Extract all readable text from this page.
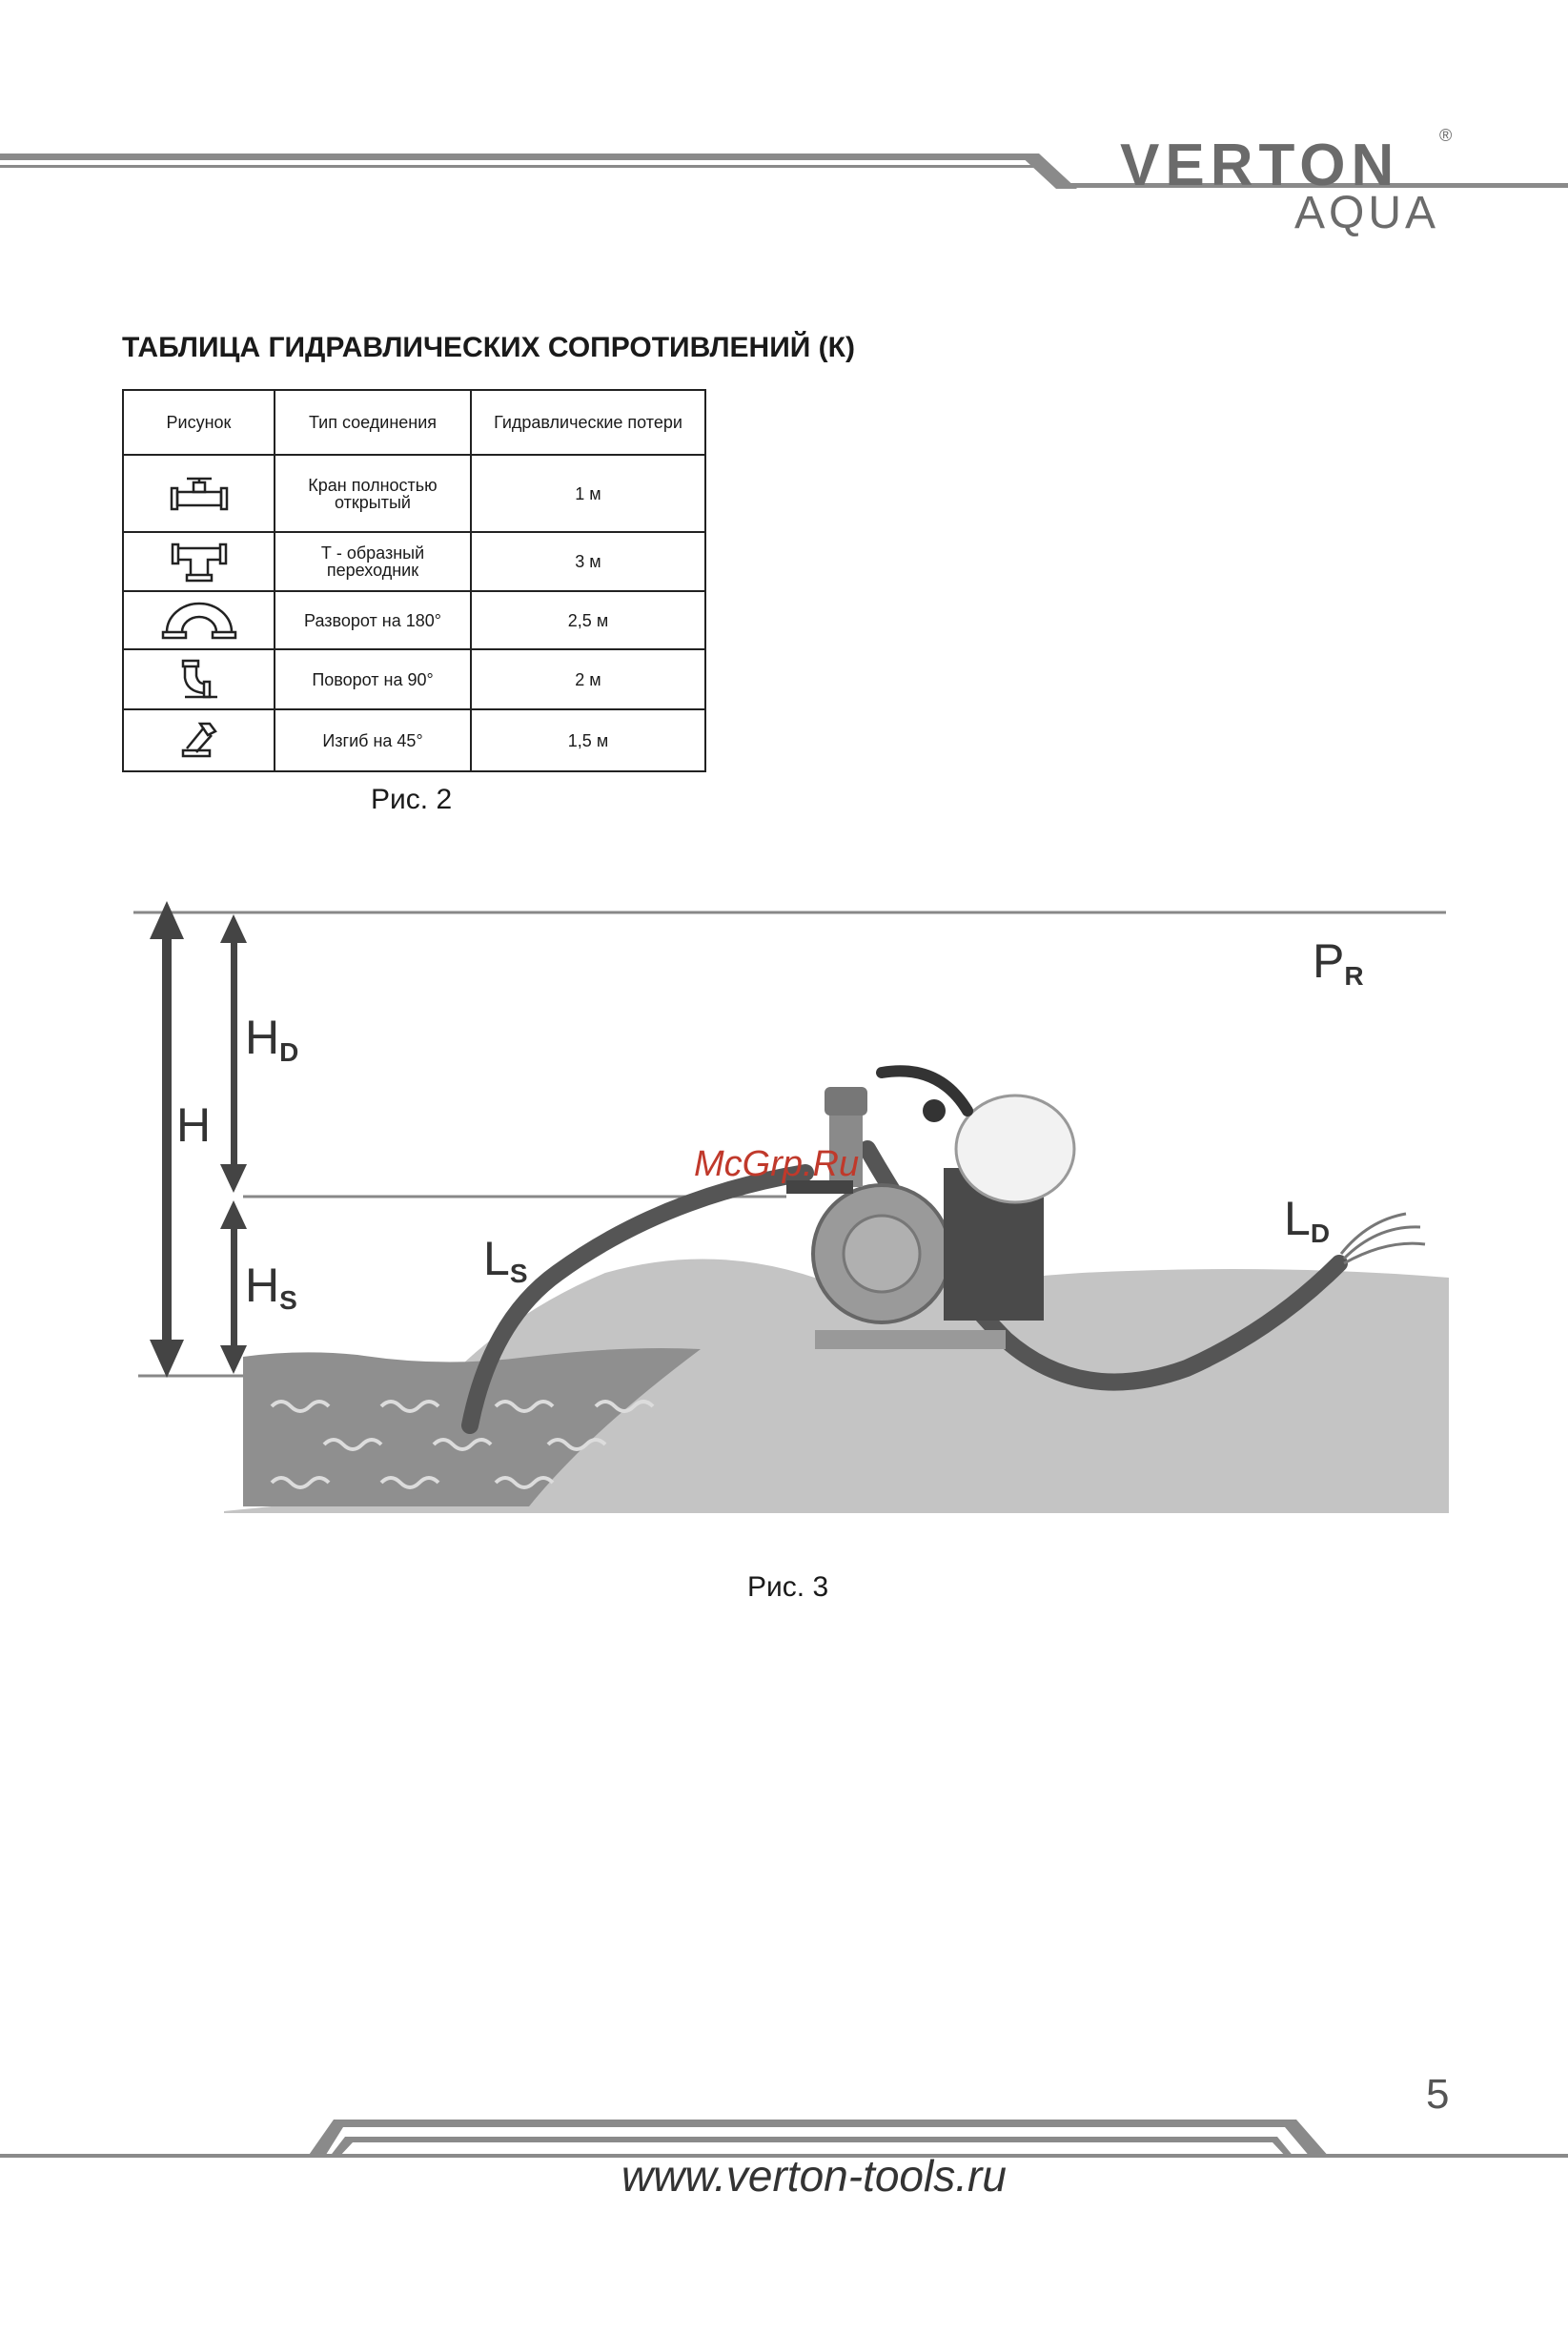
VERTON ®
AQUA
ТАБЛИЦА ГИДРАВЛИЧЕСКИХ СОПРОТИВЛЕНИЙ (К)
Рисунок	Тип соединения	Гидравлические потери

	Кран полностью открытый	1 м

	Т - образный переходник	3 м

	Разворот на 180°	2,5 м

	Поворот на 90°	2 м

	Изгиб на 45°	1,5 м
Рис. 2
H
HD
HS
LS
LD
PR
McGrp.Ru
Рис. 3
5
www.verton-tools.ru
